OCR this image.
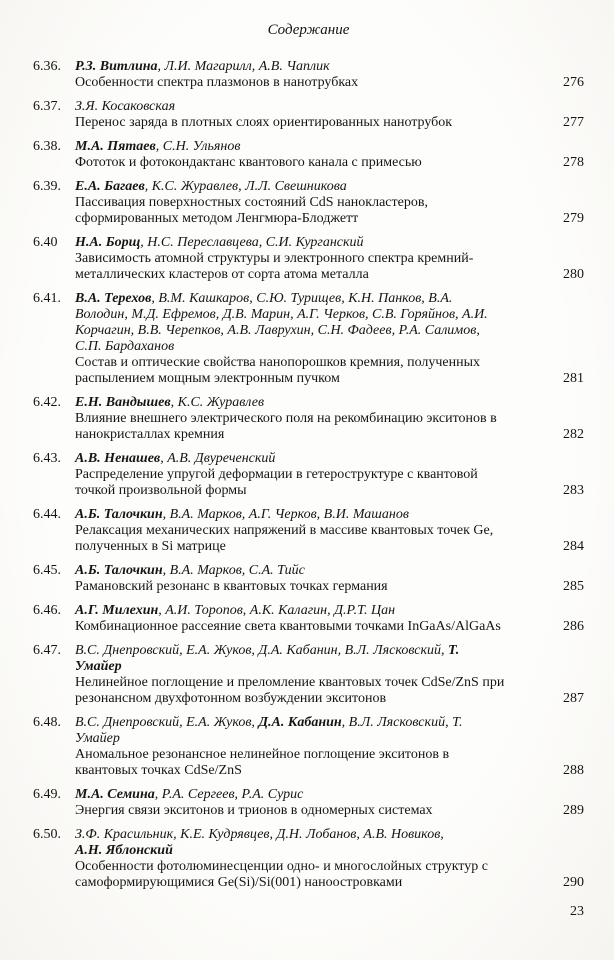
Содержание
6.36.	Р.З. Витлина, Л.И. Магарилл, А.В. Чаплик
Особенности спектра плазмонов в нанотрубках	276
6.37.	З.Я. Косаковская
Перенос заряда в плотных слоях ориентированных нанотрубок	277
6.38.	М.А. Пятаев, С.Н. Ульянов
Фототок и фотокондактанс квантового канала с примесью	278
6.39.	Е.А. Багаев, К.С. Журавлев, Л.Л. Свешникова
Пассивация поверхностных состояний CdS нанокластеров,
сформированных методом Ленгмюра-Блоджетт	279
6.40	Н.А. Борщ, Н.С. Переславцева, С.И. Курганский
Зависимость атомной структуры и электронного спектра кремний-
металлических кластеров от сорта атома металла	280
6.41.	В.А. Терехов, В.М. Кашкаров, С.Ю. Турищев, К.Н. Панков, В.А.
Володин, М.Д. Ефремов, Д.В. Марин, А.Г. Черков, С.В. Горяйнов, А.И.
Корчагин, В.В. Черепков, А.В. Лаврухин, С.Н. Фадеев, Р.А. Салимов,
С.П. Бардаханов
Состав и оптические свойства нанопорошков кремния, полученных
распылением мощным электронным пучком	281
6.42.	Е.Н. Вандышев, К.С. Журавлев
Влияние внешнего электрического поля на рекомбинацию экситонов в
нанокристаллах кремния	282
6.43.	А.В. Ненашев, А.В. Двуреченский
Распределение упругой деформации в гетероструктуре с квантовой
точкой произвольной формы	283
6.44.	А.Б. Талочкин, В.А. Марков, А.Г. Черков, В.И. Машанов
Релаксация механических напряжений в массиве квантовых точек Ge,
полученных в Si матрице	284
6.45.	А.Б. Талочкин, В.А. Марков, С.А. Тийс
Рамановский резонанс в квантовых точках германия	285
6.46.	А.Г. Милехин, А.И. Торопов, А.К. Калагин, Д.Р.Т. Цан
Комбинационное рассеяние света квантовыми точками InGaAs/AlGaAs	286
6.47.	В.С. Днепровский, Е.А. Жуков, Д.А. Кабанин, В.Л. Лясковский, Т.
Умайер
Нелинейное поглощение и преломление квантовых точек CdSe/ZnS при
резонансном двухфотонном возбуждении экситонов	287
6.48.	В.С. Днепровский, Е.А. Жуков, Д.А. Кабанин, В.Л. Лясковский, Т.
Умайер
Аномальное резонансное нелинейное поглощение экситонов в
квантовых точках CdSe/ZnS	288
6.49.	М.А. Семина, Р.А. Сергеев, Р.А. Сурис
Энергия связи экситонов и трионов в одномерных системах	289
6.50.	З.Ф. Красильник, К.Е. Кудрявцев, Д.Н. Лобанов, А.В. Новиков,
А.Н. Яблонский
Особенности фотолюминесценции одно- и многослойных структур с
самоформирующимися Ge(Si)/Si(001) наноостровками	290
23
